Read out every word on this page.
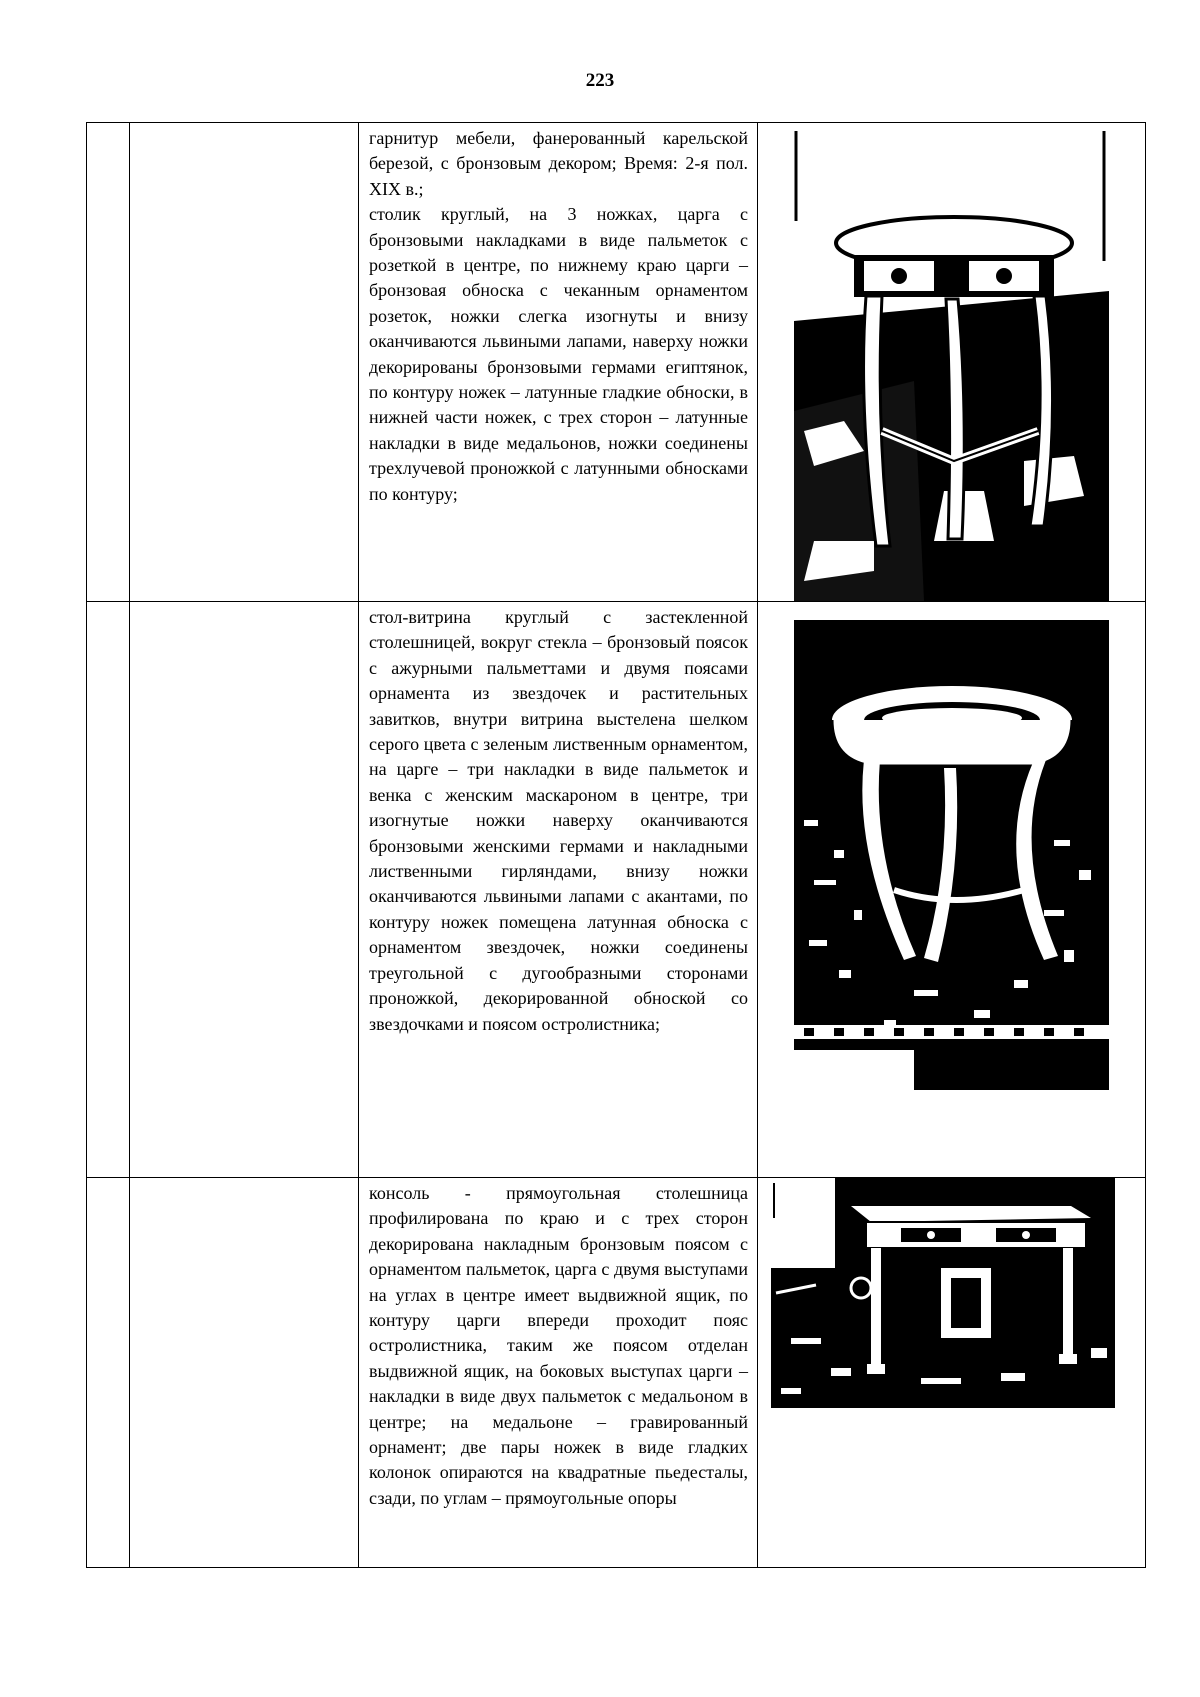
223

		гарнитур мебели, фанерованный карельской березой, с бронзовым декором; Время: 2-я пол. XIX в.;

столик круглый, на 3 ножках, царга с бронзовыми накладками в виде пальметок с розеткой в центре, по нижнему краю царги – бронзовая обноска с чеканным орнаментом розеток, ножки слегка изогнуты и внизу оканчиваются львиными лапами, наверху ножки декорированы бронзовыми гермами египтянок, по контуру ножек – латунные гладкие обноски, в нижней части ножек, с трех сторон – латунные накладки в виде медальонов, ножки соединены трехлучевой проножкой с латунными обносками по контуру;

		стол-витрина круглый с застекленной столешницей, вокруг стекла – бронзовый поясок с ажурными пальметтами и двумя поясами орнамента из звездочек и растительных завитков, внутри витрина выстелена шелком серого цвета с зеленым лиственным орнаментом, на царге – три накладки в виде пальметок и венка с женским маскароном в центре, три изогнутые ножки наверху оканчиваются бронзовыми женскими гермами и накладными лиственными гирляндами, внизу ножки оканчиваются львиными лапами с акантами, по контуру ножек помещена латунная обноска с орнаментом звездочек, ножки соединены треугольной с дугообразными сторонами проножкой, декорированной обноской со звездочками и поясом остролистника;

		консоль - прямоугольная столешница профилирована по краю и с трех сторон декорирована накладным бронзовым поясом с орнаментом пальметок, царга с двумя выступами на углах в центре имеет выдвижной ящик, по контуру царги впереди проходит пояс остролистника, таким же поясом отделан выдвижной ящик, на боковых выступах царги – накладки в виде двух пальметок с медальоном в центре; на медальоне – гравированный орнамент; две пары ножек в виде гладких колонок опираются на квадратные пьедесталы, сзади, по углам – прямоугольные опоры
